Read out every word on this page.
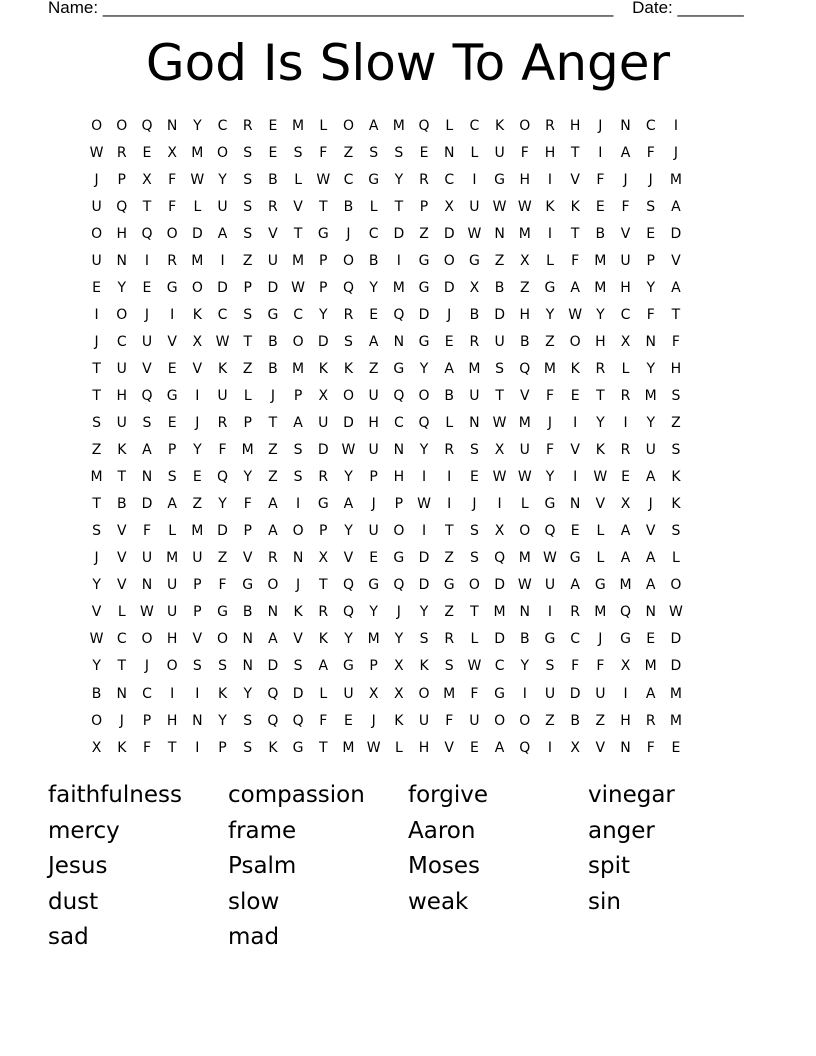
Name: ______________________________________________________ Date: _______
God Is Slow To Anger
O	O	Q	N	Y	C	R	E	M	L	O	A	M Q	L	C	K	O	R	H	J	N	C	I
W R	E	X	M O	S	E	S	F	Z	S	S	E	N	L	U	F	H	T	I	A	F	J
J	P	X	F	W Y	S	B	L	W C	G	Y	R	C	I	G	H	I	V	F	J	J	M
U	Q	T	F	L	U	S	R	V	T	B	L	T	P	X	U W W K	K	E	F	S	A
O	H	Q	O	D	A	S	V	T	G	J	C	D	Z	D W N M	I	T	B	V	E	D
U	N	I	R	M	I	Z	U	M	P	O	B	I	G	O	G	Z	X	L	F	M	U	P	V
E	Y	E	G	O	D	P	D W	P	Q	Y	M G	D	X	B	Z	G	A	M H	Y	A
I	O	J	I	K	C	S	G	C	Y	R	E	Q	D	J	B	D	H	Y W Y	C	F	T
J	C	U	V	X W T	B	O	D	S	A	N	G	E	R	U	B	Z	O	H	X	N	F
T	U	V	E	V	K	Z	B	M	K	K	Z	G	Y	A	M	S	Q M	K	R	L	Y	H
T	H	Q	G	I	U	L	J	P	X	O	U	Q	O	B	U	T	V	F	E	T	R	M	S
S	U	S	E	J	R	P	T	A	U	D	H	C	Q	L	N W M	J	I	Y	I	Y	Z
Z	K	A	P	Y	F	M	Z	S	D W U	N	Y	R	S	X	U	F	V	K	R	U	S
M	T	N	S	E	Q	Y	Z	S	R	Y	P	H	I	I	E W W Y	I	W E	A	K
T	B	D	A	Z	Y	F	A	I	G	A	J	P	W	I	J	I	L	G	N	V	X	J	K
S	V	F	L	M D	P	A	O	P	Y	U	O	I	T	S	X	O	Q	E	L	A	V	S
J	V	U	M	U	Z	V	R	N	X	V	E	G	D	Z	S	Q M W G	L	A	A	L
Y	V	N	U	P	F	G	O	J	T	Q	G	Q	D	G	O	D W U	A	G M	A	O
V	L	W U	P	G	B	N	K	R	Q	Y	J	Y	Z	T	M N	I	R	M Q	N W
W C	O	H	V	O	N	A	V	K	Y	M	Y	S	R	L	D	B	G	C	J	G	E	D
Y	T	J	O	S	S	N	D	S	A	G	P	X	K	S W C	Y	S	F	F	X	M D
B	N	C	I	I	K	Y	Q	D	L	U	X	X	O M	F	G	I	U	D	U	I	A	M
O	J	P	H	N	Y	S	Q	Q	F	E	J	K	U	F	U	O	O	Z	B	Z	H	R	M
X	K	F	T	I	P	S	K	G	T	M W	L	H	V	E	A	Q	I	X	V	N	F	E
faithfulness	compassion	forgive	vinegar
mercy	frame	Aaron	anger
Jesus	Psalm	Moses	spit
dust	slow	weak	sin
sad	mad
